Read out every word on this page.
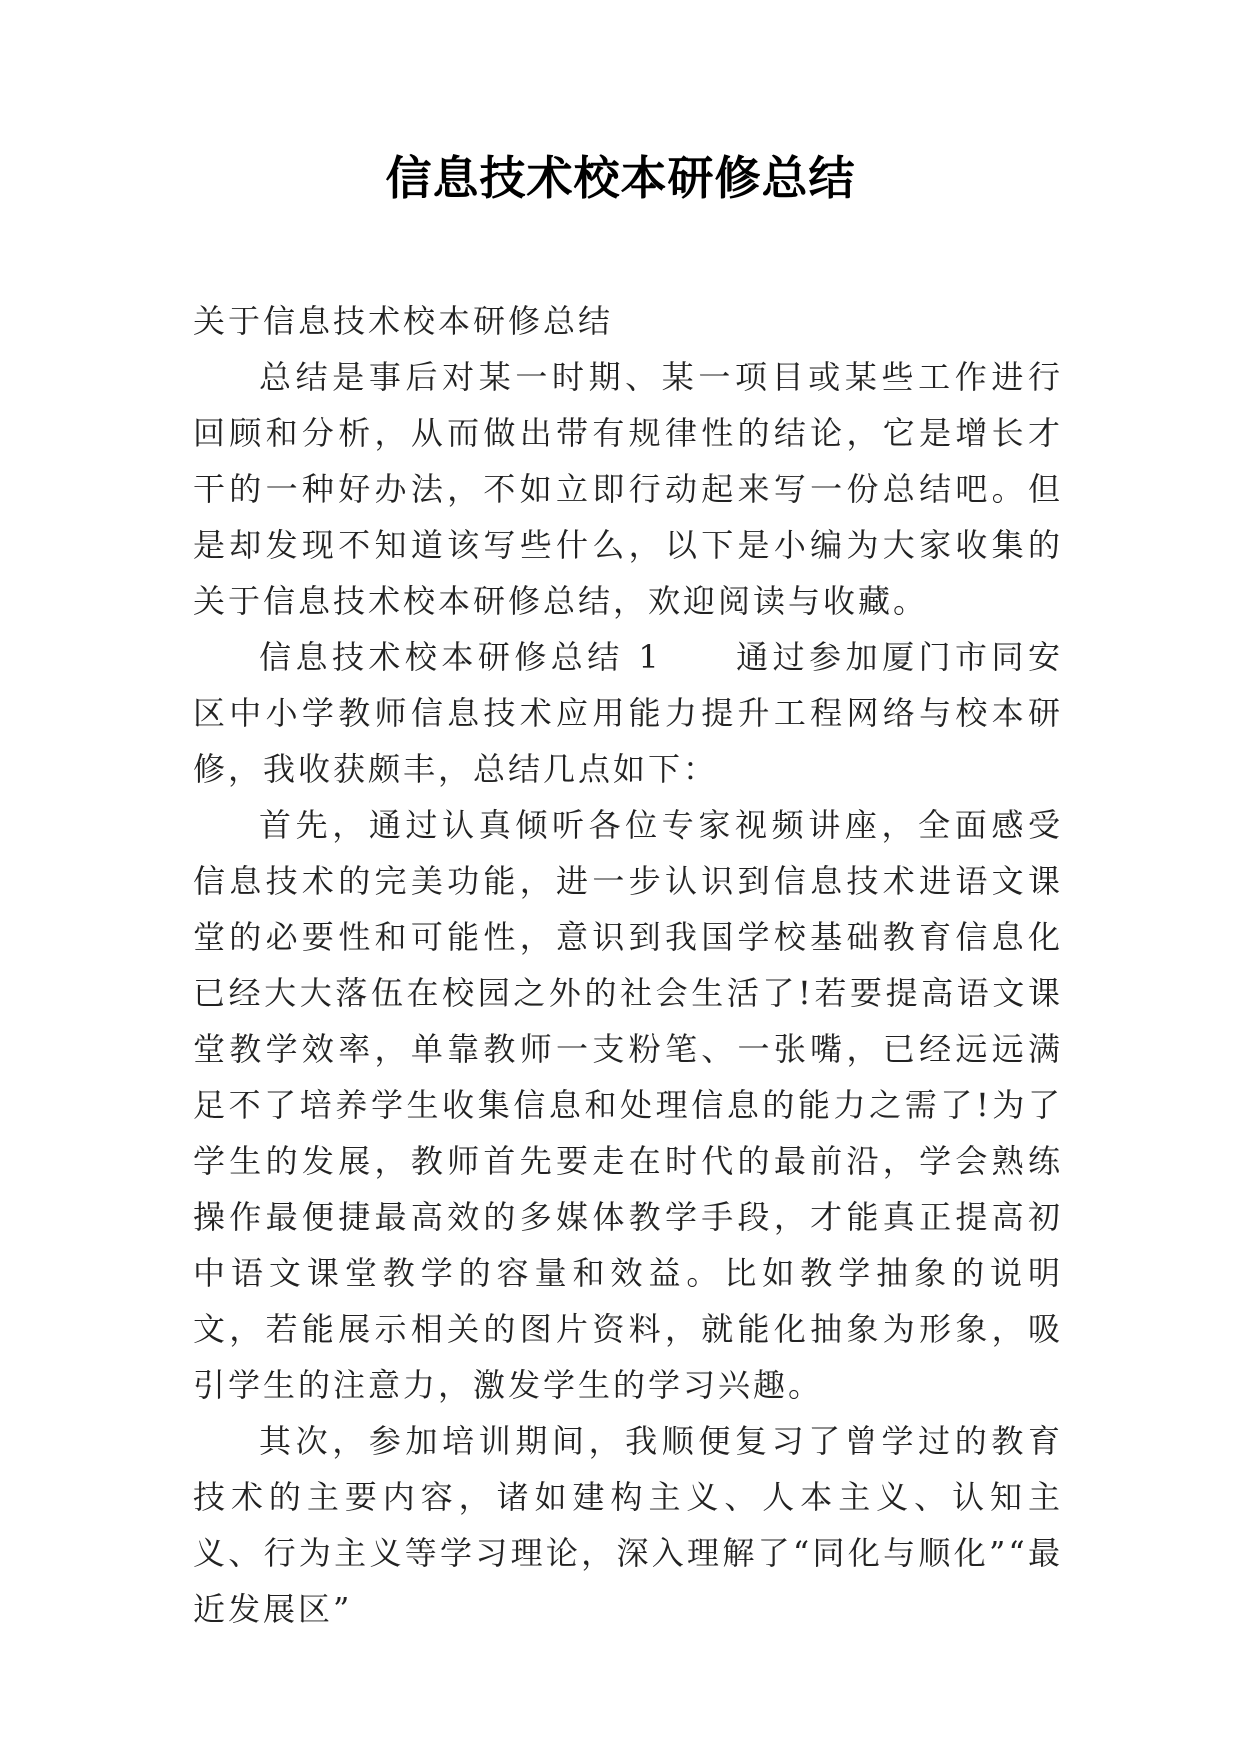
信息技术校本研修总结

关于信息技术校本研修总结

总结是事后对某一时期、某一项目或某些工作进行回顾和分析，从而做出带有规律性的结论，它是增长才干的一种好办法，不如立即行动起来写一份总结吧。但是却发现不知道该写些什么，以下是小编为大家收集的关于信息技术校本研修总结，欢迎阅读与收藏。

信息技术校本研修总结 1　　通过参加厦门市同安区中小学教师信息技术应用能力提升工程网络与校本研修，我收获颇丰，总结几点如下：

首先，通过认真倾听各位专家视频讲座，全面感受信息技术的完美功能，进一步认识到信息技术进语文课堂的必要性和可能性，意识到我国学校基础教育信息化已经大大落伍在校园之外的社会生活了!若要提高语文课堂教学效率，单靠教师一支粉笔、一张嘴，已经远远满足不了培养学生收集信息和处理信息的能力之需了!为了学生的发展，教师首先要走在时代的最前沿，学会熟练操作最便捷最高效的多媒体教学手段，才能真正提高初中语文课堂教学的容量和效益。比如教学抽象的说明文，若能展示相关的图片资料，就能化抽象为形象，吸引学生的注意力，激发学生的学习兴趣。

其次，参加培训期间，我顺便复习了曾学过的教育技术的主要内容，诸如建构主义、人本主义、认知主义、行为主义等学习理论，深入理解了“同化与顺化”“最近发展区”
